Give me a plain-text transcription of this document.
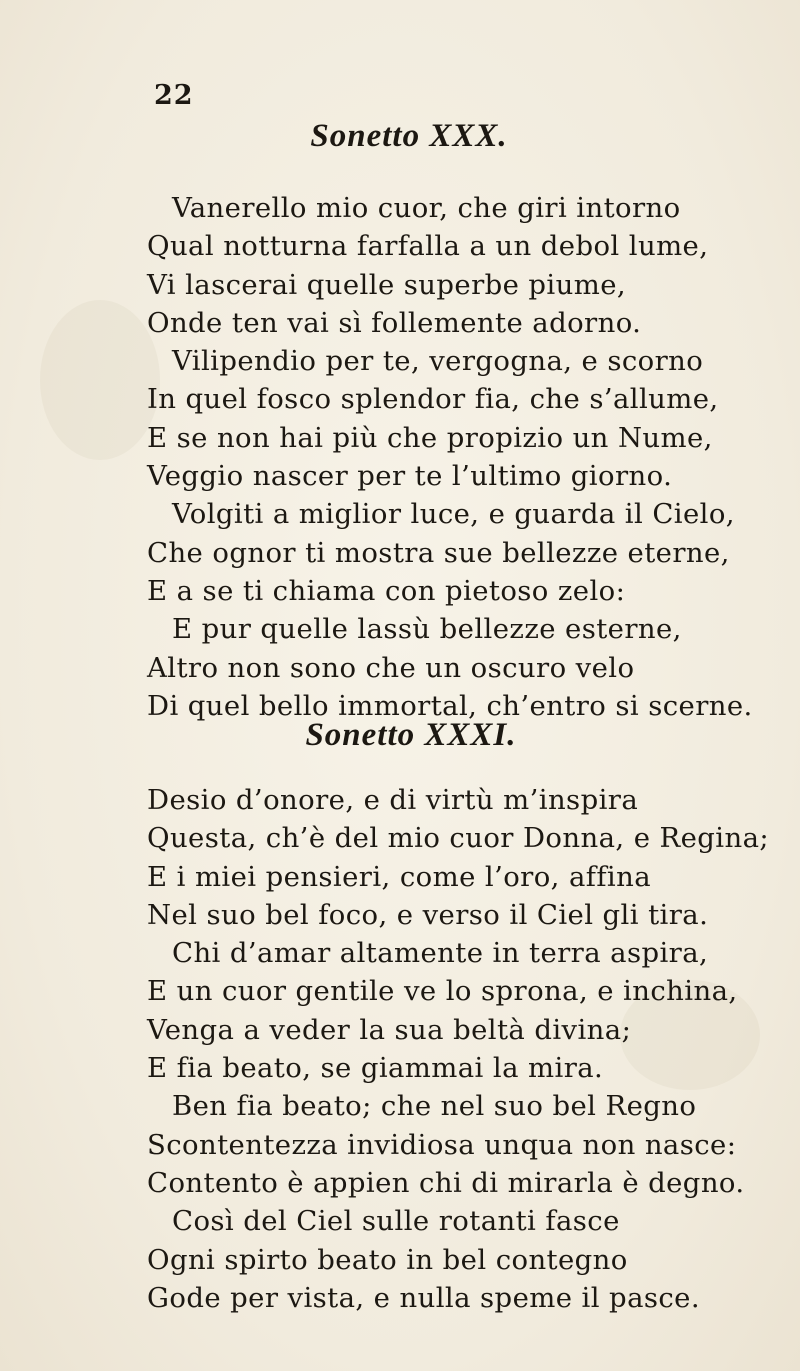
22
Sonetto XXX.
Vanerello mio cuor, che giri intorno
Qual notturna farfalla a un debol lume,
Vi lascerai quelle superbe piume,
Onde ten vai sì follemente adorno.
Vilipendio per te, vergogna, e scorno
In quel fosco splendor fia, che s’allume,
E se non hai più che propizio un Nume,
Veggio nascer per te l’ultimo giorno.
Volgiti a miglior luce, e guarda il Cielo,
Che ognor ti mostra sue bellezze eterne,
E a se ti chiama con pietoso zelo:
E pur quelle lassù bellezze esterne,
Altro non sono che un oscuro velo
Di quel bello immortal, ch’entro si scerne.
Sonetto XXXI.
Desio d’onore, e di virtù m’inspira
Questa, ch’è del mio cuor Donna, e Regina;
E i miei pensieri, come l’oro, affina
Nel suo bel foco, e verso il Ciel gli tira.
Chi d’amar altamente in terra aspira,
E un cuor gentile ve lo sprona, e inchina,
Venga a veder la sua beltà divina;
E fia beato, se giammai la mira.
Ben fia beato; che nel suo bel Regno
Scontentezza invidiosa unqua non nasce:
Contento è appien chi di mirarla è degno.
Così del Ciel sulle rotanti fasce
Ogni spirto beato in bel contegno
Gode per vista, e nulla speme il pasce.
